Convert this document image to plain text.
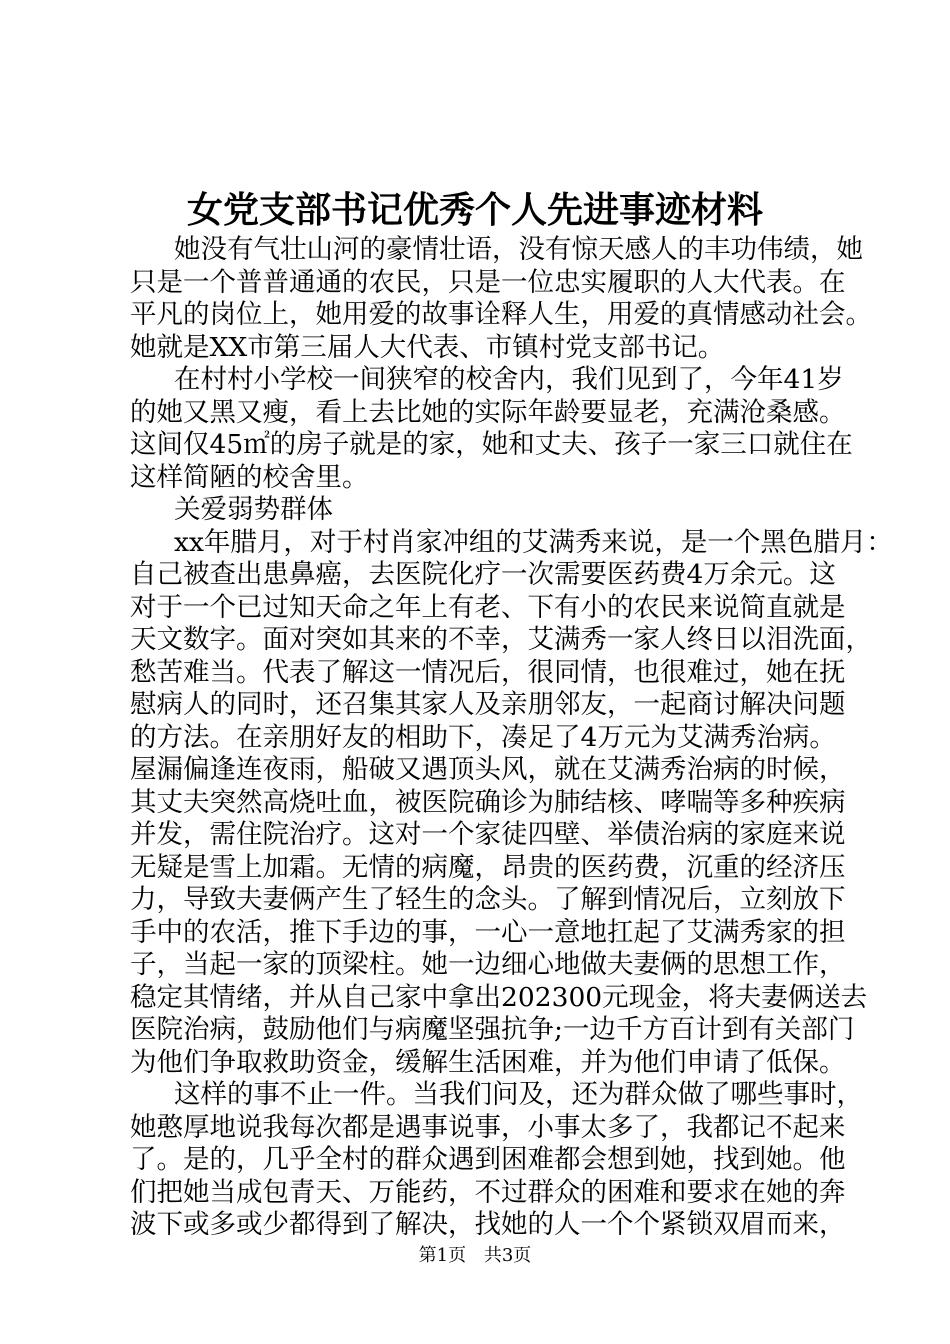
女党支部书记优秀个人先进事迹材料
她没有气壮山河的豪情壮语，没有惊天感人的丰功伟绩，她
只是一个普普通通的农民，只是一位忠实履职的人大代表。在
平凡的岗位上，她用爱的故事诠释人生，用爱的真情感动社会。
她就是XX市第三届人大代表、市镇村党支部书记。
在村村小学校一间狭窄的校舍内，我们见到了，今年41岁
的她又黑又瘦，看上去比她的实际年龄要显老，充满沧桑感。
这间仅45㎡的房子就是的家，她和丈夫、孩子一家三口就住在
这样简陋的校舍里。
关爱弱势群体
xx年腊月，对于村肖家冲组的艾满秀来说，是一个黑色腊月：
自己被查出患鼻癌，去医院化疗一次需要医药费4万余元。这
对于一个已过知天命之年上有老、下有小的农民来说简直就是
天文数字。面对突如其来的不幸，艾满秀一家人终日以泪洗面，
愁苦难当。代表了解这一情况后，很同情，也很难过，她在抚
慰病人的同时，还召集其家人及亲朋邻友，一起商讨解决问题
的方法。在亲朋好友的相助下，凑足了4万元为艾满秀治病。
屋漏偏逢连夜雨，船破又遇顶头风，就在艾满秀治病的时候，
其丈夫突然高烧吐血，被医院确诊为肺结核、哮喘等多种疾病
并发，需住院治疗。这对一个家徒四壁、举债治病的家庭来说
无疑是雪上加霜。无情的病魔，昂贵的医药费，沉重的经济压
力，导致夫妻俩产生了轻生的念头。了解到情况后，立刻放下
手中的农活，推下手边的事，一心一意地扛起了艾满秀家的担
子，当起一家的顶梁柱。她一边细心地做夫妻俩的思想工作，
稳定其情绪，并从自己家中拿出202300元现金，将夫妻俩送去
医院治病，鼓励他们与病魔坚强抗争;一边千方百计到有关部门
为他们争取救助资金，缓解生活困难，并为他们申请了低保。
这样的事不止一件。当我们问及，还为群众做了哪些事时，
她憨厚地说我每次都是遇事说事，小事太多了，我都记不起来
了。是的，几乎全村的群众遇到困难都会想到她，找到她。他
们把她当成包青天、万能药，不过群众的困难和要求在她的奔
波下或多或少都得到了解决，找她的人一个个紧锁双眉而来，
第1页 共3页
